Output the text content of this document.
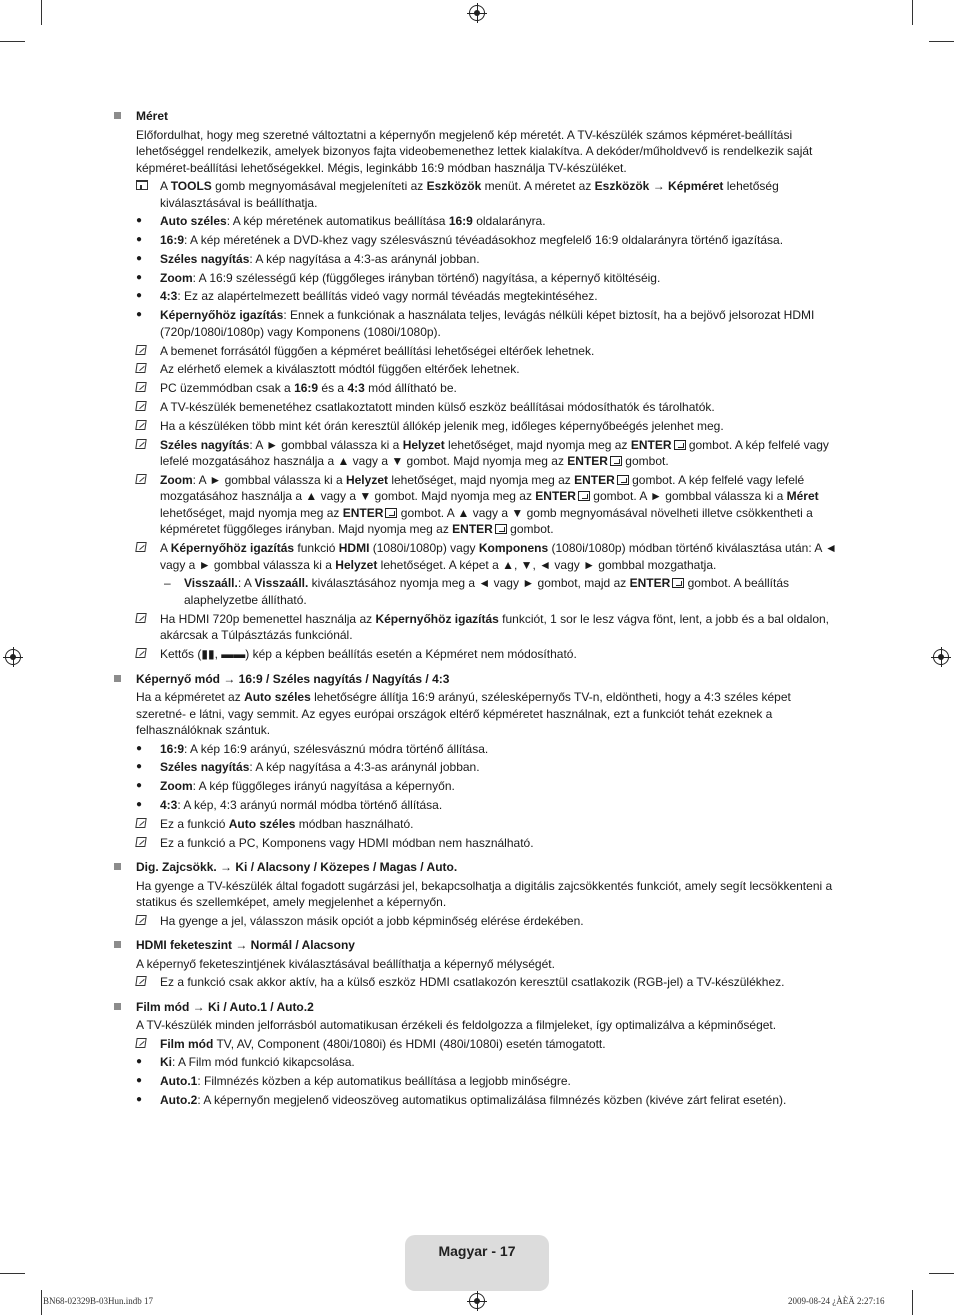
Méret
Előfordulhat, hogy meg szeretné változtatni a képernyőn megjelenő kép méretét. A TV-készülék számos képméret-beállítási lehetőséggel rendelkezik, amelyek bizonyos fajta videobemenethez lettek kialakítva. A dekóder/műholdvevő is rendelkezik saját képméret-beállítási lehetőségekkel. Mégis, leginkább 16:9 módban használja TV-készüléket.
A TOOLS gomb megnyomásával megjeleníteti az Eszközök menüt. A méretet az Eszközök → Képméret lehetőség kiválasztásával is beállíthatja.
●	Auto széles: A kép méretének automatikus beállítása 16:9 oldalarányra.
●	16:9: A kép méretének a DVD-khez vagy szélesvásznú tévéadásokhoz megfelelő 16:9 oldalarányra történő igazítása.
●	Széles nagyítás: A kép nagyítása a 4:3-as aránynál jobban.
●	Zoom: A 16:9 szélességű kép (függőleges irányban történő) nagyítása, a képernyő kitöltéséig.
●	4:3: Ez az alapértelmezett beállítás videó vagy normál tévéadás megtekintéséhez.
●	Képernyőhöz igazítás: Ennek a funkciónak a használata teljes, levágás nélküli képet biztosít, ha a bejövő jelsorozat HDMI (720p/1080i/1080p) vagy Komponens (1080i/1080p).
A bemenet forrásától függően a képméret beállítási lehetőségei eltérőek lehetnek.
Az elérhető elemek a kiválasztott módtól függően eltérőek lehetnek.
PC üzemmódban csak a 16:9 és a 4:3 mód állítható be.
A TV-készülék bemenetéhez csatlakoztatott minden külső eszköz beállításai módosíthatók és tárolhatók.
Ha a készüléken több mint két órán keresztül állókép jelenik meg, időleges képernyőbeégés jelenhet meg.
Széles nagyítás: A ► gombbal válassza ki a Helyzet lehetőséget, majd nyomja meg az ENTER gombot. A kép felfelé vagy lefelé mozgatásához használja a ▲ vagy a ▼ gombot. Majd nyomja meg az ENTER gombot.
Zoom: A ► gombbal válassza ki a Helyzet lehetőséget, majd nyomja meg az ENTER gombot. A kép felfelé vagy lefelé mozgatásához használja a ▲ vagy a ▼ gombot. Majd nyomja meg az ENTER gombot. A ► gombbal válassza ki a Méret lehetőséget, majd nyomja meg az ENTER gombot. A ▲ vagy a ▼ gomb megnyomásával növelheti illetve csökkentheti a képméretet függőleges irányban. Majd nyomja meg az ENTER gombot.
A Képernyőhöz igazítás funkció HDMI (1080i/1080p) vagy Komponens (1080i/1080p) módban történő kiválasztása után: A ◄ vagy a ► gombbal válassza ki a Helyzet lehetőséget. A képet a ▲, ▼, ◄ vagy ► gombbal mozgathatja.
– Visszaáll.: A Visszaáll. kiválasztásához nyomja meg a ◄ vagy ► gombot, majd az ENTER gombot. A beállítás alaphelyzetbe állítható.
Ha HDMI 720p bemenettel használja az Képernyőhöz igazítás funkciót, 1 sor le lesz vágva fönt, lent, a jobb és a bal oldalon, akárcsak a Túlpásztázás funkciónál.
Kettős (▮▮, ▬▬) kép a képben beállítás esetén a Képméret nem módosítható.
Képernyő mód → 16:9 / Széles nagyítás / Nagyítás / 4:3
Ha a képméretet az Auto széles lehetőségre állítja 16:9 arányú, szélesképernyős TV-n, eldöntheti, hogy a 4:3 széles képet szeretné- e látni, vagy semmit. Az egyes európai országok eltérő képméretet használnak, ezt a funkciót tehát ezeknek a felhasználóknak szántuk.
●	16:9: A kép 16:9 arányú, szélesvásznú módra történő állítása.
●	Széles nagyítás: A kép nagyítása a 4:3-as aránynál jobban.
●	Zoom: A kép függőleges irányú nagyítása a képernyőn.
●	4:3: A kép, 4:3 arányú normál módba történő állítása.
Ez a funkció Auto széles módban használható.
Ez a funkció a PC, Komponens vagy HDMI módban nem használható.
Dig. Zajcsökk. → Ki / Alacsony / Közepes / Magas / Auto.
Ha gyenge a TV-készülék által fogadott sugárzási jel, bekapcsolhatja a digitális zajcsökkentés funkciót, amely segít lecsökkenteni a statikus és szellemképet, amely megjelenhet a képernyőn.
Ha gyenge a jel, válasszon másik opciót a jobb képminőség elérése érdekében.
HDMI feketeszint → Normál / Alacsony
A képernyő feketeszintjének kiválasztásával beállíthatja a képernyő mélységét.
Ez a funkció csak akkor aktív, ha a külső eszköz HDMI csatlakozón keresztül csatlakozik (RGB-jel) a TV-készülékhez.
Film mód → Ki / Auto.1 / Auto.2
A TV-készülék minden jelforrásból automatikusan érzékeli és feldolgozza a filmjeleket, így optimalizálva a képminőséget.
Film mód TV, AV, Component (480i/1080i) és HDMI (480i/1080i) esetén támogatott.
●	Ki: A Film mód funkció kikapcsolása.
●	Auto.1: Filmnézés közben a kép automatikus beállítása a legjobb minőségre.
●	Auto.2: A képernyőn megjelenő videoszöveg automatikus optimalizálása filmnézés közben (kivéve zárt felirat esetén).
Magyar - 17
BN68-02329B-03Hun.indb 17	2009-08-24 ¿ÀÈÄ 2:27:16
